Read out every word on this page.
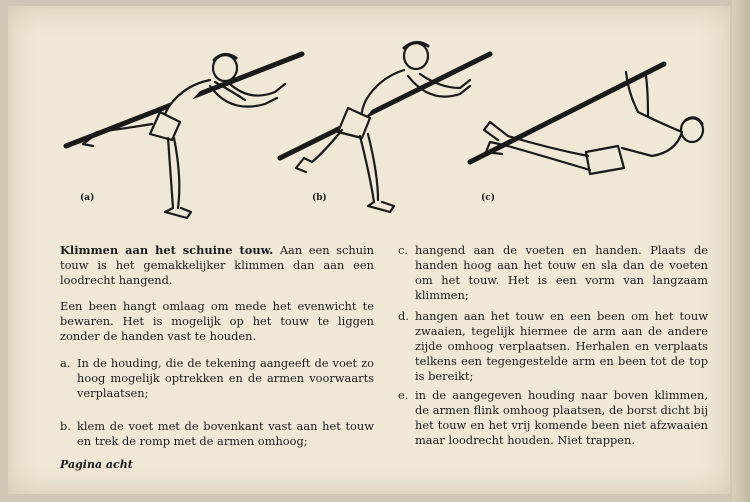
(a)	(b)	(c)

Klimmen aan het schuine touw. Aan een schuin touw is het gemakkelijker klimmen dan aan een loodrecht hangend.

Een been hangt omlaag om mede het evenwicht te bewaren. Het is mogelijk op het touw te liggen zonder de handen vast te houden.

a. In de houding, die de tekening aangeeft de voet zo hoog mogelijk optrekken en de armen voorwaarts verplaatsen;
b. klem de voet met de bovenkant vast aan het touw en trek de romp met de armen omhoog;
c. hangend aan de voeten en handen. Plaats de handen hoog aan het touw en sla dan de voeten om het touw. Het is een vorm van langzaam klimmen;
d. hangen aan het touw en een been om het touw zwaaien, tegelijk hiermee de arm aan de andere zijde omhoog verplaatsen. Herhalen en verplaats telkens een tegengestelde arm en been tot de top is bereikt;
e. in de aangegeven houding naar boven klimmen, de armen flink omhoog plaatsen, de borst dicht bij het touw en het vrij komende been niet afzwaaien maar loodrecht houden. Niet trappen.
Pagina acht
